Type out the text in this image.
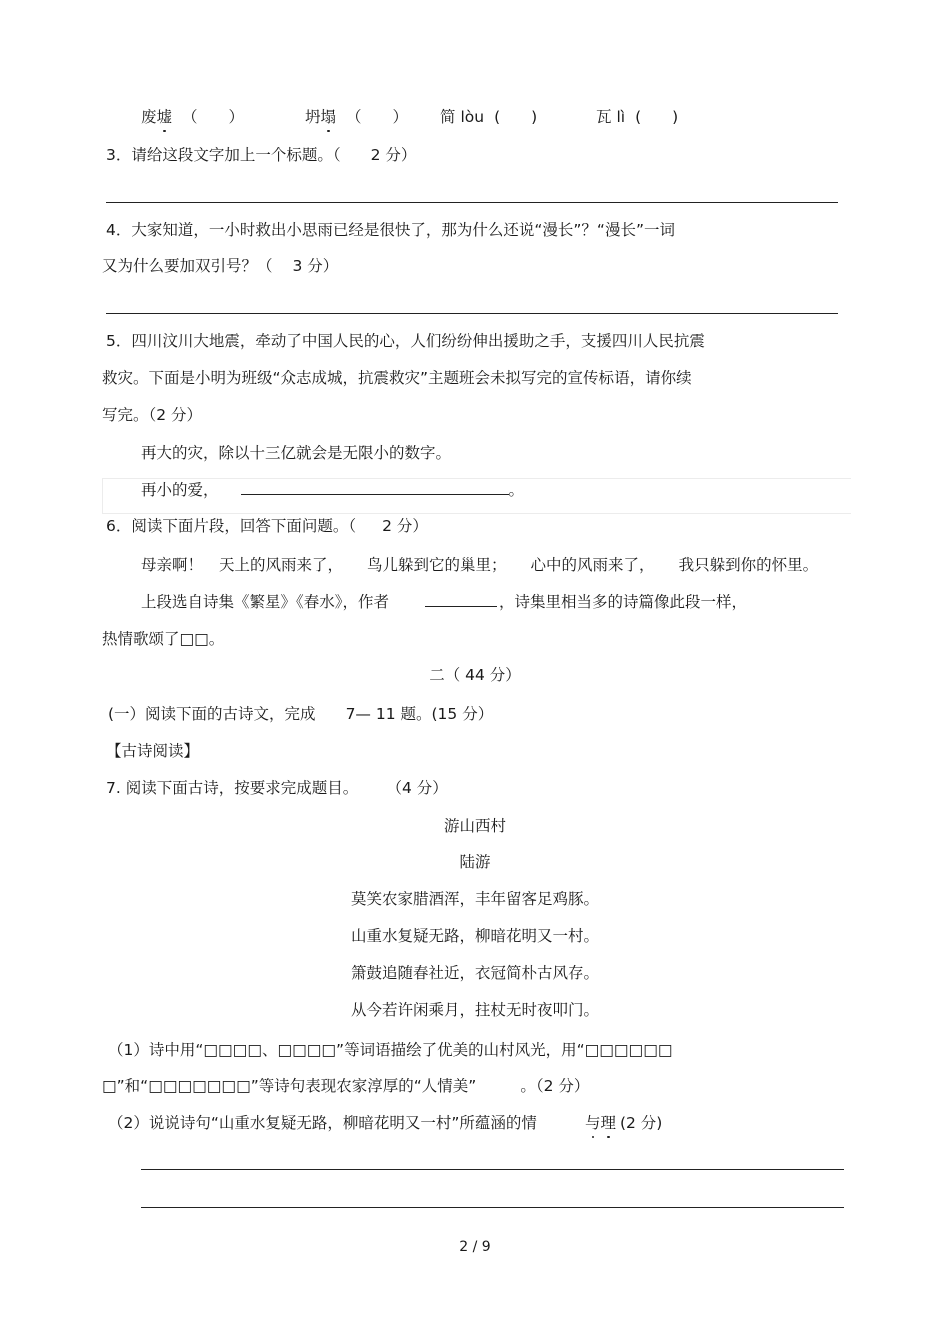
废墟 （　　）	坍塌 （　　） 简 lòu (　　)	瓦 lì (　　)
3．请给这段文字加上一个标题。（ 2 分）
4．大家知道，一小时救出小思雨已经是很快了，那为什么还说“漫长”？“漫长”一词
又为什么要加双引号？（ 3 分）
5．四川汶川大地震，牵动了中国人民的心，人们纷纷伸出援助之手，支援四川人民抗震
救灾。下面是小明为班级“众志成城，抗震救灾”主题班会未拟写完的宣传标语，请你续
写完。（2 分）
再大的灾，除以十三亿就会是无限小的数字。
再小的爱，	。
6．阅读下面片段，回答下面问题。（ 2 分）
母亲啊！ 天上的风雨来了， 鸟儿躲到它的巢里； 心中的风雨来了， 我只躲到你的怀里。
上段选自诗集《繁星》《春水》，作者	，诗集里相当多的诗篇像此段一样，
热情歌颂了□□。
二（ 44 分）
(一）阅读下面的古诗文，完成 7— 11 题。(15 分）
【古诗阅读】
7. 阅读下面古诗，按要求完成题目。 （4 分）
游山西村
陆游
莫笑农家腊酒浑，丰年留客足鸡豚。
山重水复疑无路，柳暗花明又一村。
箫鼓追随春社近，衣冠简朴古风存。
从今若许闲乘月，拄杖无时夜叩门。
（1）诗中用“□□□□、□□□□”等词语描绘了优美的山村风光，用“□□□□□□
□”和“□□□□□□□”等诗句表现农家淳厚的“人情美”	。（2 分）
（2）说说诗句“山重水复疑无路，柳暗花明又一村”所蕴涵的情	与理 (2 分)
2 / 9
